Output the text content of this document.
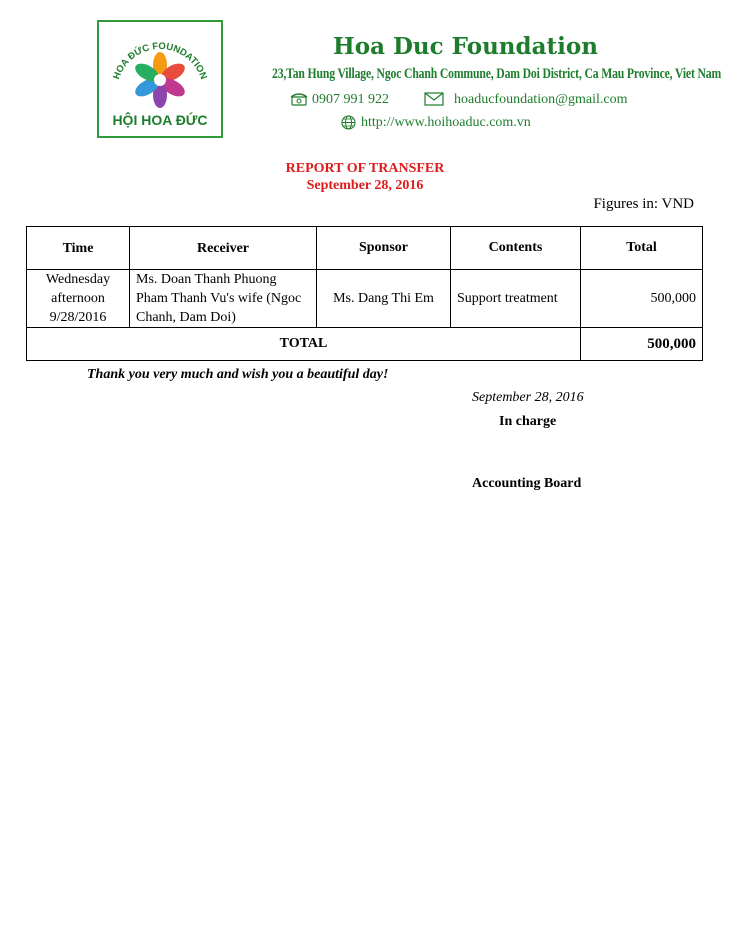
HOA ĐỨC FOUNDATION
HỘI HOA ĐỨC
Hoa Duc Foundation
23,Tan Hung Village, Ngoc Chanh Commune, Dam Doi District, Ca Mau Province, Viet Nam
0907 991 922	hoaducfoundation@gmail.com
http://www.hoihoaduc.com.vn
REPORT OF TRANSFER
September 28, 2016
Figures in: VND
Time	Receiver	Sponsor	Contents	Total

Wednesday
afternoon
9/28/2016	Ms. Doan Thanh Phuong Pham Thanh Vu's wife (Ngoc Chanh, Dam Doi)	Ms. Dang Thi Em	Support treatment	500,000
TOTAL				500,000
Thank you very much and wish you a beautiful day!
September 28, 2016
In charge
Accounting Board
